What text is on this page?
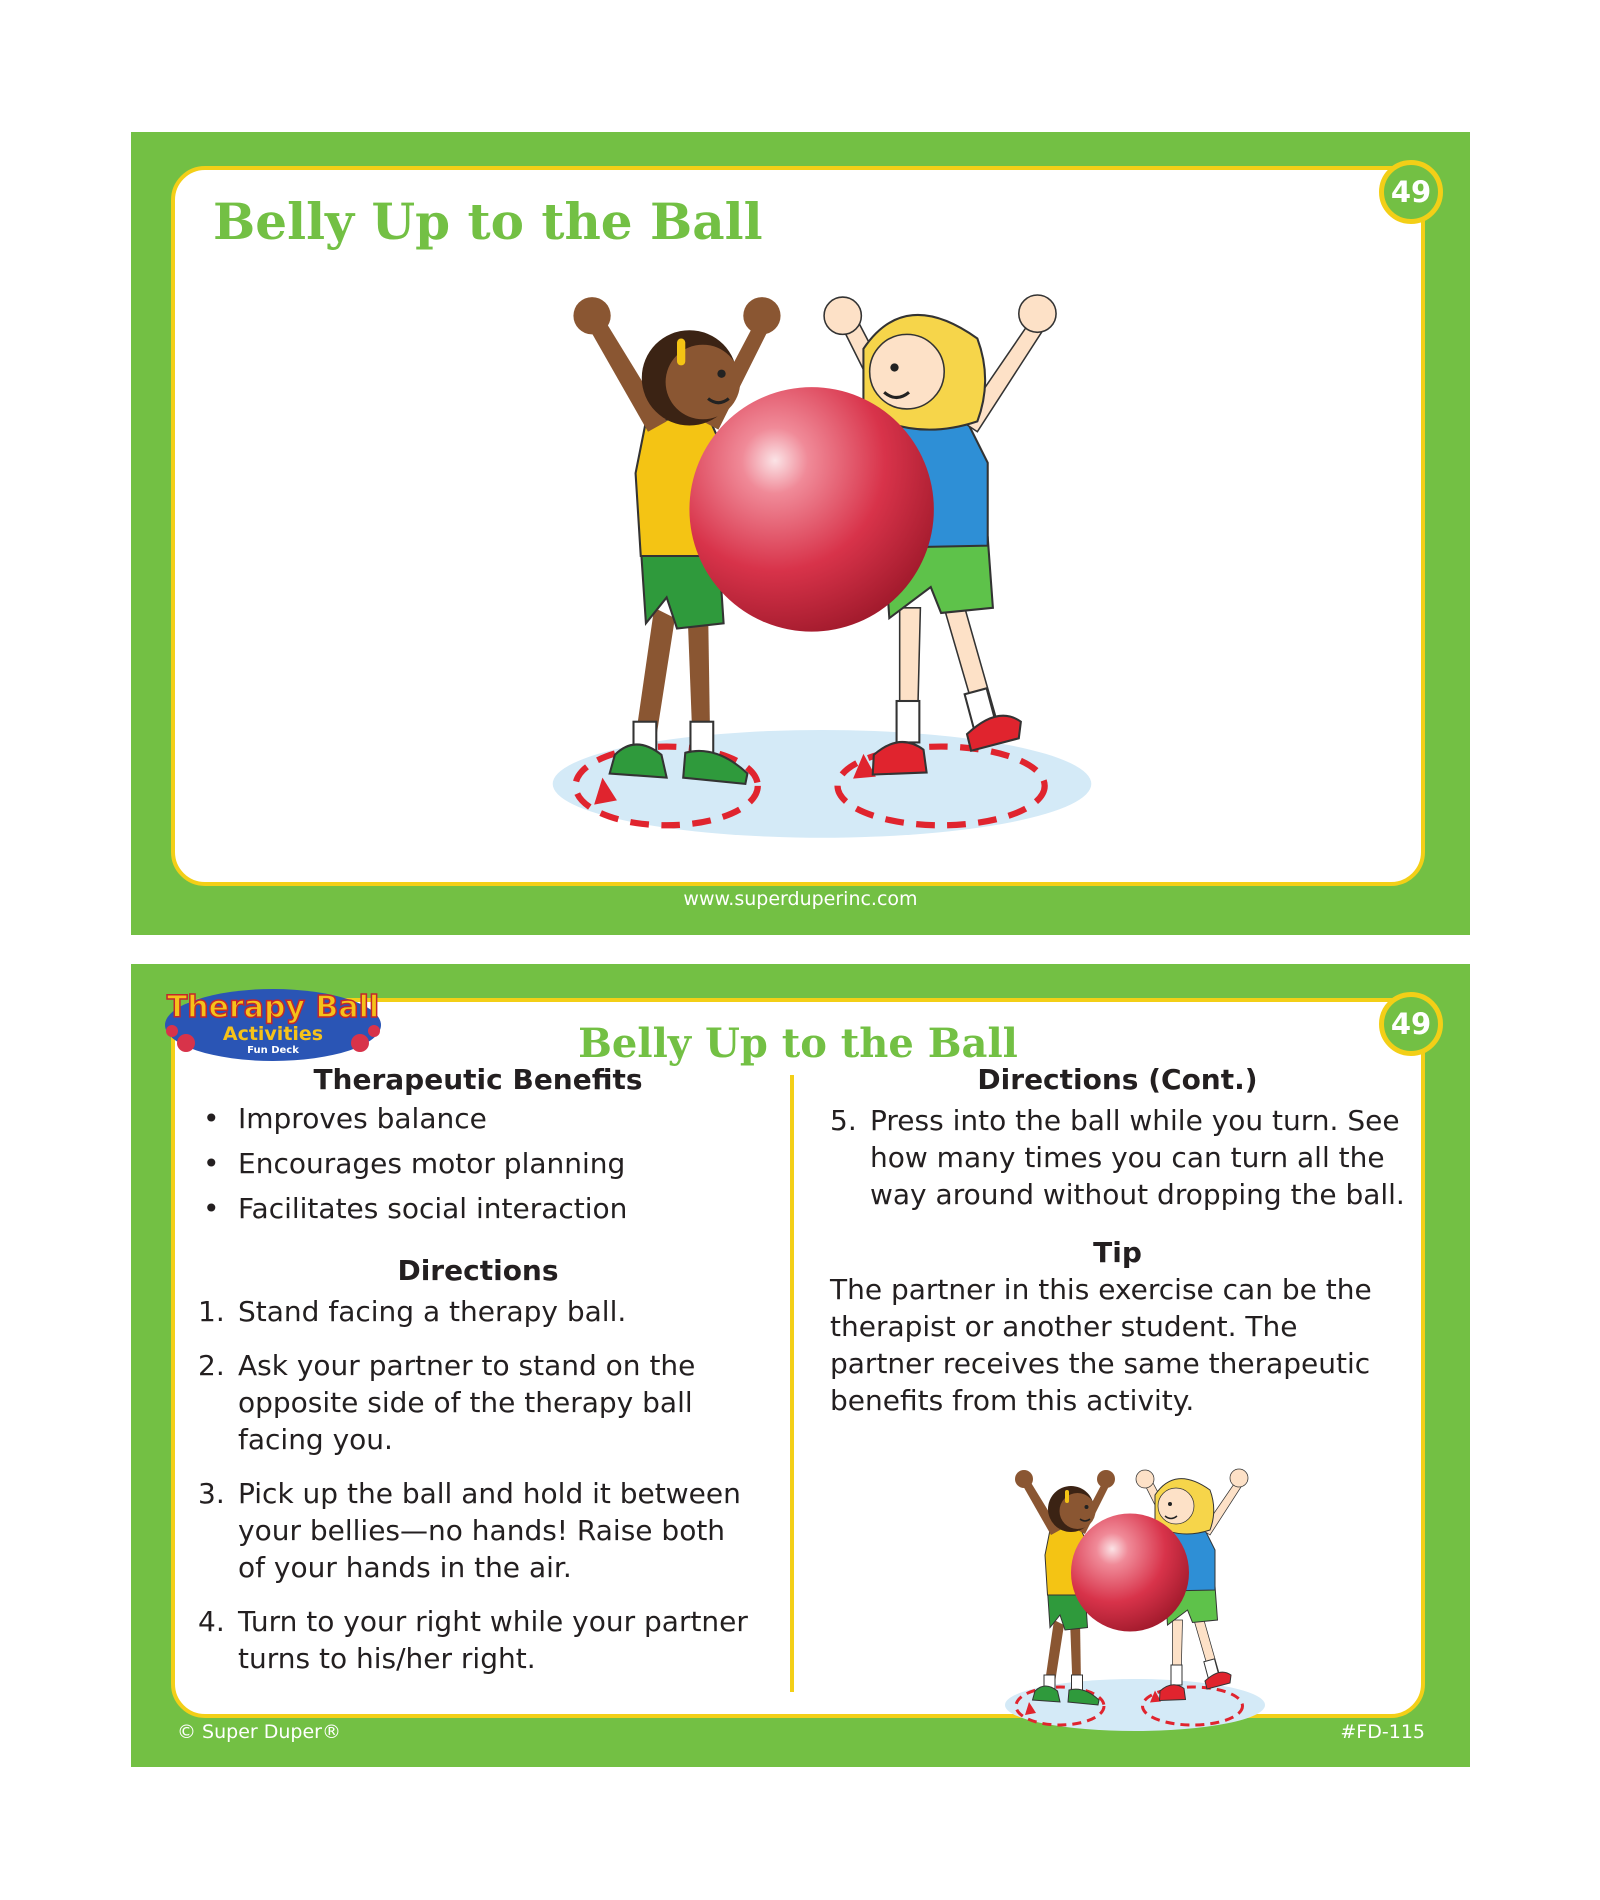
Belly Up to the Ball	49
www.superduperinc.com
Belly Up to the Ball	49
© Super Duper®	#FD-115
Therapy Ball
Activities
Fun Deck
Therapeutic Benefits
• Improves balance
• Encourages motor planning
• Facilitates social interaction
Directions
1. Stand facing a therapy ball.
2. Ask your partner to stand on the opposite side of the therapy ball facing you.
3. Pick up the ball and hold it between your bellies—no hands! Raise both of your hands in the air.
4. Turn to your right while your partner turns to his/her right.
Directions (Cont.)
5. Press into the ball while you turn. See how many times you can turn all the way around without dropping the ball.
Tip

The partner in this exercise can be the therapist or another student. The partner receives the same therapeutic benefits from this activity.
